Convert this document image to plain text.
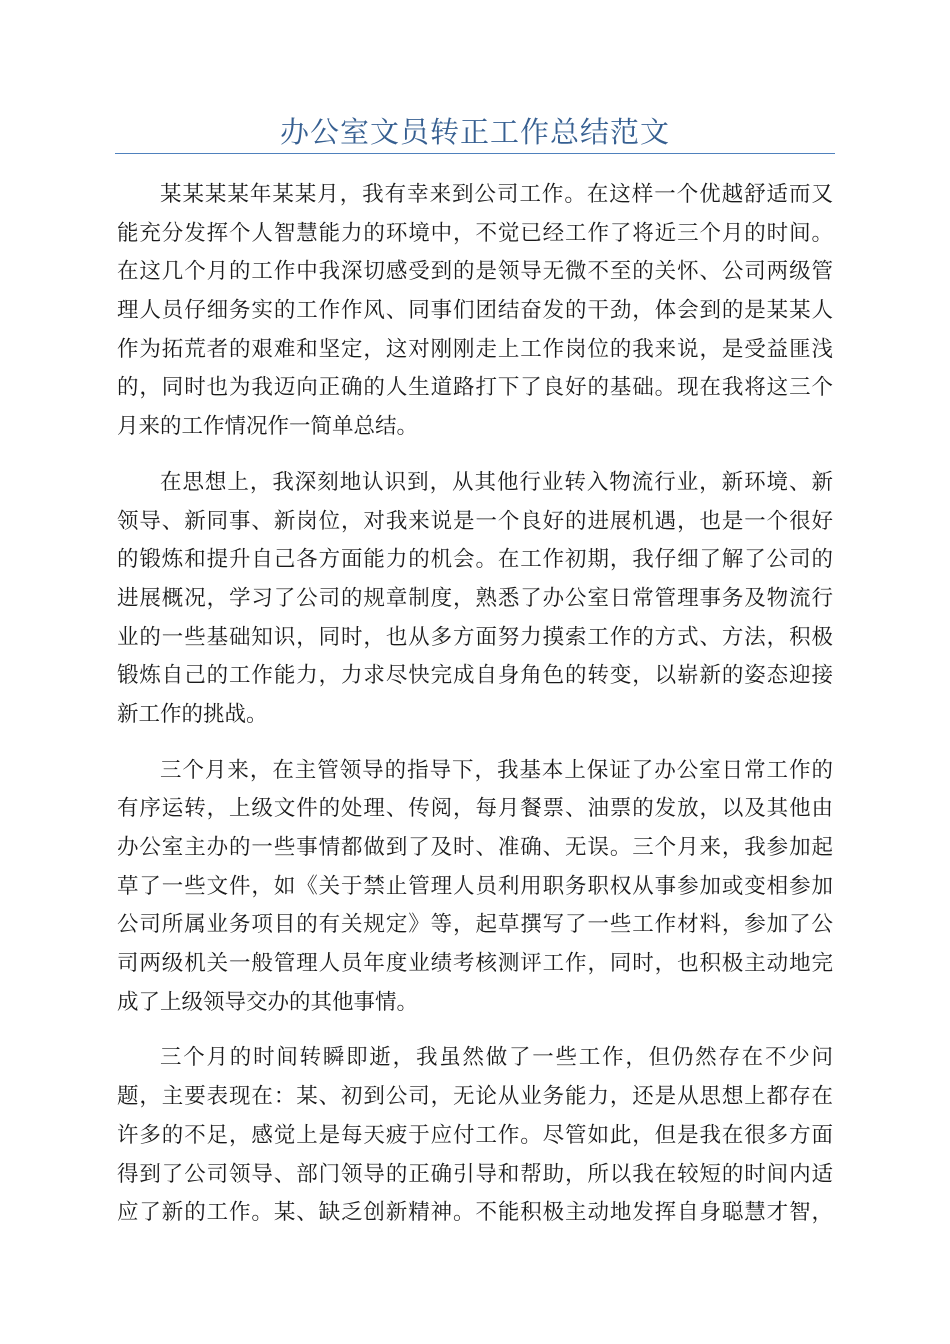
办公室文员转正工作总结范文
某某某某年某某月，我有幸来到公司工作。在这样一个优越舒适而又
能充分发挥个人智慧能力的环境中，不觉已经工作了将近三个月的时间。
在这几个月的工作中我深切感受到的是领导无微不至的关怀、公司两级管
理人员仔细务实的工作作风、同事们团结奋发的干劲，体会到的是某某人
作为拓荒者的艰难和坚定，这对刚刚走上工作岗位的我来说，是受益匪浅
的，同时也为我迈向正确的人生道路打下了良好的基础。现在我将这三个
月来的工作情况作一简单总结。
在思想上，我深刻地认识到，从其他行业转入物流行业，新环境、新
领导、新同事、新岗位，对我来说是一个良好的进展机遇，也是一个很好
的锻炼和提升自己各方面能力的机会。在工作初期，我仔细了解了公司的
进展概况，学习了公司的规章制度，熟悉了办公室日常管理事务及物流行
业的一些基础知识，同时，也从多方面努力摸索工作的方式、方法，积极
锻炼自己的工作能力，力求尽快完成自身角色的转变，以崭新的姿态迎接
新工作的挑战。
三个月来，在主管领导的指导下，我基本上保证了办公室日常工作的
有序运转，上级文件的处理、传阅，每月餐票、油票的发放，以及其他由
办公室主办的一些事情都做到了及时、准确、无误。三个月来，我参加起
草了一些文件，如《关于禁止管理人员利用职务职权从事参加或变相参加
公司所属业务项目的有关规定》等，起草撰写了一些工作材料，参加了公
司两级机关一般管理人员年度业绩考核测评工作，同时，也积极主动地完
成了上级领导交办的其他事情。
三个月的时间转瞬即逝，我虽然做了一些工作，但仍然存在不少问
题，主要表现在：某、初到公司，无论从业务能力，还是从思想上都存在
许多的不足，感觉上是每天疲于应付工作。尽管如此，但是我在很多方面
得到了公司领导、部门领导的正确引导和帮助，所以我在较短的时间内适
应了新的工作。某、缺乏创新精神。不能积极主动地发挥自身聪慧才智，
